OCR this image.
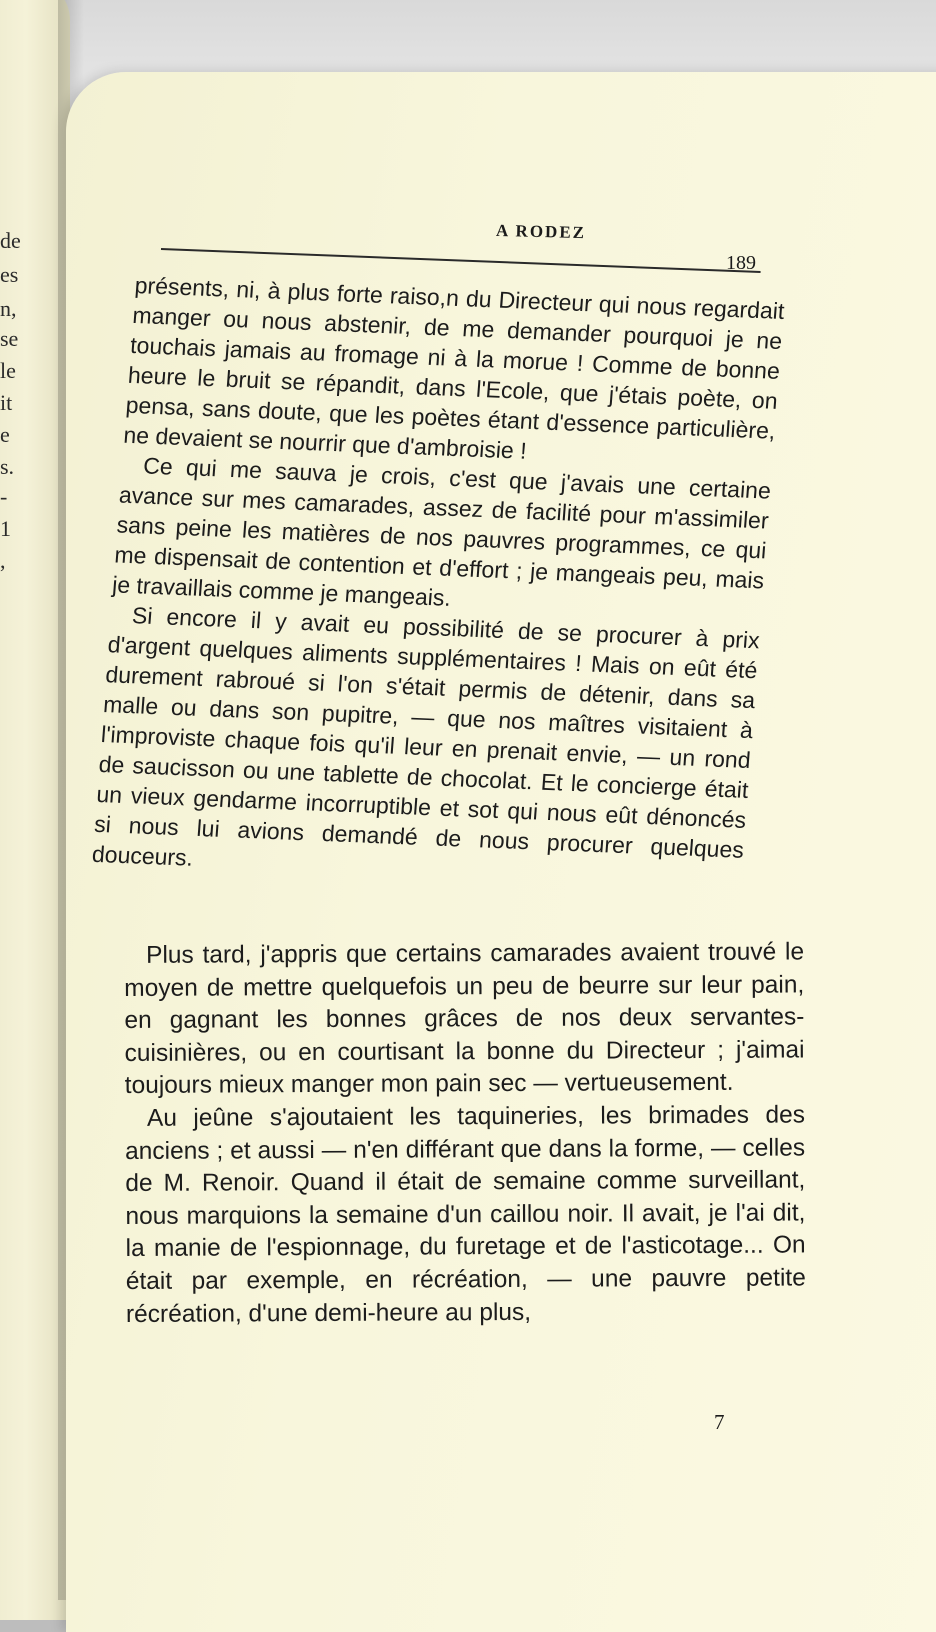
de
es
n,
se
le
it
e
s.
-
1
,
A RODEZ
189

présents, ni, à plus forte raiso,n du Directeur qui nous regardait manger ou nous abstenir, de me demander pourquoi je ne touchais jamais au fromage ni à la morue ! Comme de bonne heure le bruit se répandit, dans l'Ecole, que j'étais poète, on pensa, sans doute, que les poètes étant d'essence particulière, ne devaient se nourrir que d'ambroisie !

Ce qui me sauva je crois, c'est que j'avais une certaine avance sur mes camarades, assez de facilité pour m'assimiler sans peine les matières de nos pauvres programmes, ce qui me dispensait de contention et d'effort ; je mangeais peu, mais je travaillais comme je mangeais.

Si encore il y avait eu possibilité de se procurer à prix d'argent quelques aliments supplémentaires ! Mais on eût été durement rabroué si l'on s'était permis de détenir, dans sa malle ou dans son pupitre, — que nos maîtres visitaient à l'improviste chaque fois qu'il leur en prenait envie, — un rond de saucisson ou une tablette de chocolat. Et le concierge était un vieux gendarme incorruptible et sot qui nous eût dénoncés si nous lui avions demandé de nous procurer quelques douceurs.

Plus tard, j'appris que certains camarades avaient trouvé le moyen de mettre quelquefois un peu de beurre sur leur pain, en gagnant les bonnes grâces de nos deux servantes-cuisinières, ou en courtisant la bonne du Directeur ; j'aimai toujours mieux manger mon pain sec — vertueusement.

Au jeûne s'ajoutaient les taquineries, les brimades des anciens ; et aussi — n'en différant que dans la forme, — celles de M. Renoir. Quand il était de semaine comme surveillant, nous marquions la semaine d'un caillou noir. Il avait, je l'ai dit, la manie de l'espionnage, du furetage et de l'asticotage... On était par exemple, en récréation, — une pauvre petite récréation, d'une demi-heure au plus,

7
